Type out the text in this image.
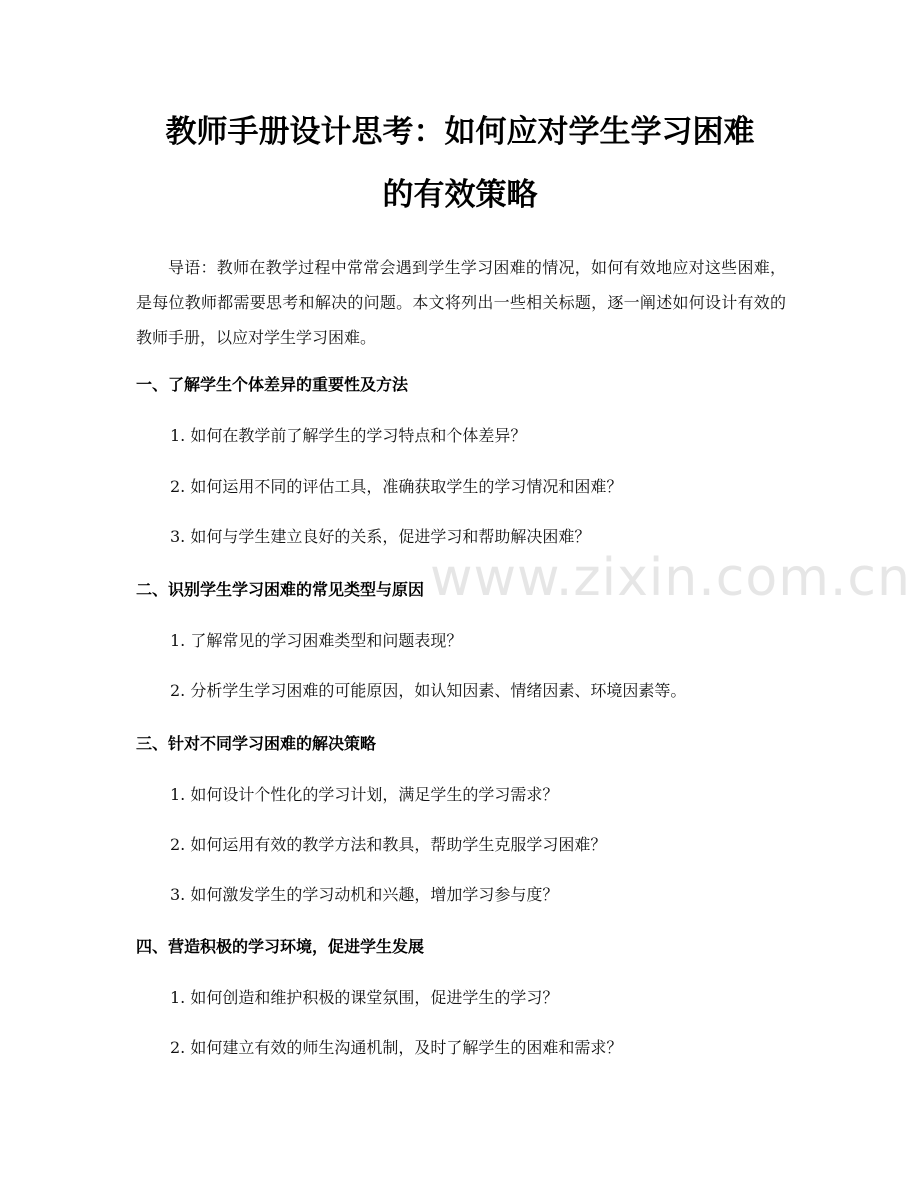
www.zixin.com.cn
教师手册设计思考：如何应对学生学习困难
的有效策略
导语：教师在教学过程中常常会遇到学生学习困难的情况，如何有效地应对这些困难，是每位教师都需要思考和解决的问题。本文将列出一些相关标题，逐一阐述如何设计有效的教师手册，以应对学生学习困难。
一、了解学生个体差异的重要性及方法
1. 如何在教学前了解学生的学习特点和个体差异？
2. 如何运用不同的评估工具，准确获取学生的学习情况和困难？
3. 如何与学生建立良好的关系，促进学习和帮助解决困难？
二、识别学生学习困难的常见类型与原因
1. 了解常见的学习困难类型和问题表现？
2. 分析学生学习困难的可能原因，如认知因素、情绪因素、环境因素等。
三、针对不同学习困难的解决策略
1. 如何设计个性化的学习计划，满足学生的学习需求？
2. 如何运用有效的教学方法和教具，帮助学生克服学习困难？
3. 如何激发学生的学习动机和兴趣，增加学习参与度？
四、营造积极的学习环境，促进学生发展
1. 如何创造和维护积极的课堂氛围，促进学生的学习？
2. 如何建立有效的师生沟通机制，及时了解学生的困难和需求？
